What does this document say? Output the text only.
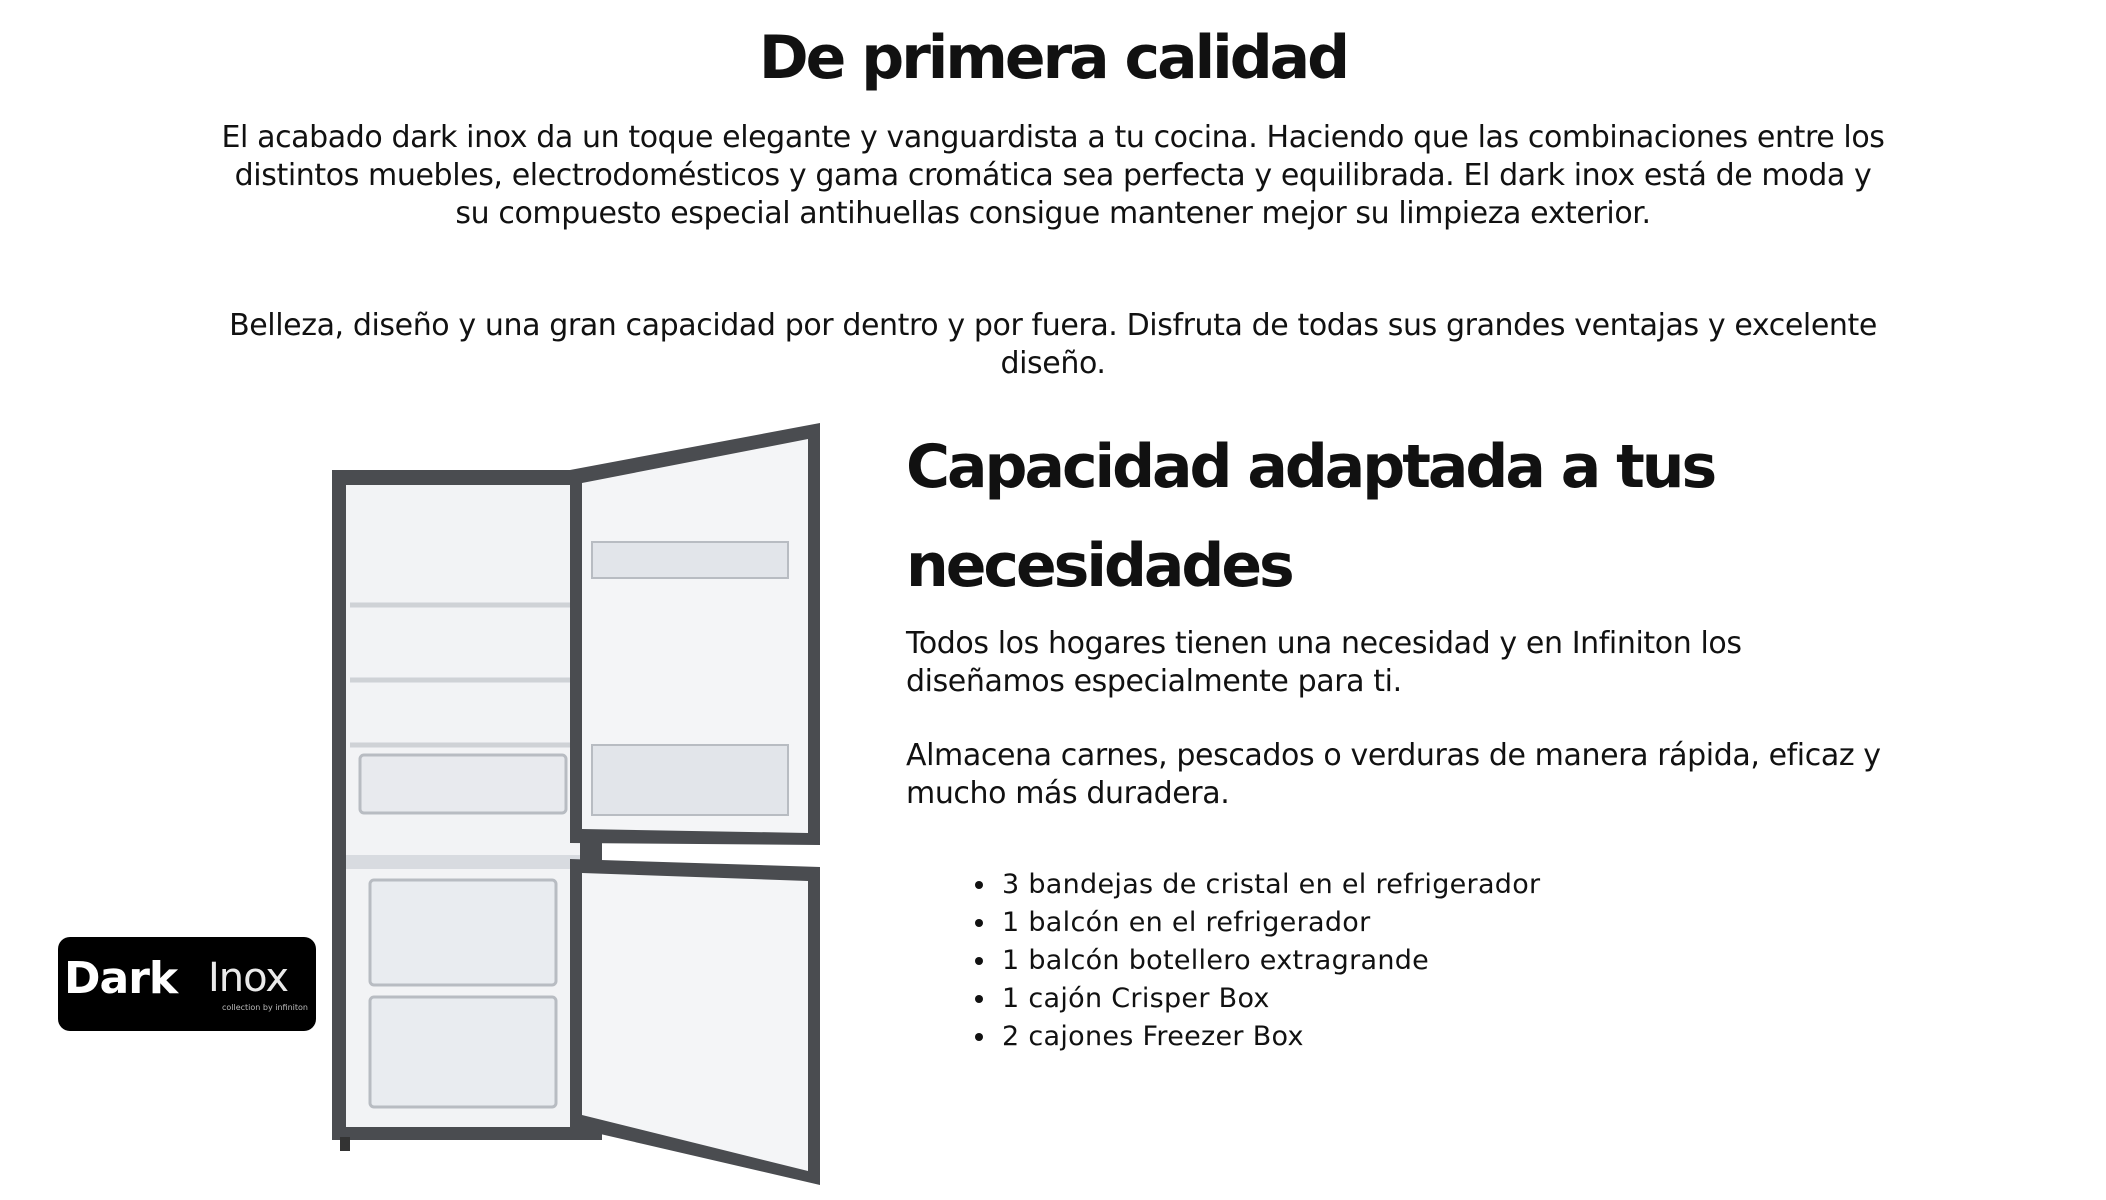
De primera calidad

El acabado dark inox da un toque elegante y vanguardista a tu cocina. Haciendo que las combinaciones entre los distintos muebles, electrodomésticos y gama cromática sea perfecta y equilibrada. El dark inox está de moda y su compuesto especial antihuellas consigue mantener mejor su limpieza exterior.

Belleza, diseño y una gran capacidad por dentro y por fuera. Disfruta de todas sus grandes ventajas y excelente diseño.

Dark Inox
collection by infiniton
Capacidad adaptada a tus necesidades

Todos los hogares tienen una necesidad y en Infiniton los diseñamos especialmente para ti.

Almacena carnes, pescados o verduras de manera rápida, eficaz y mucho más duradera.

• 3 bandejas de cristal en el refrigerador
• 1 balcón en el refrigerador
• 1 balcón botellero extragrande
• 1 cajón Crisper Box
• 2 cajones Freezer Box
